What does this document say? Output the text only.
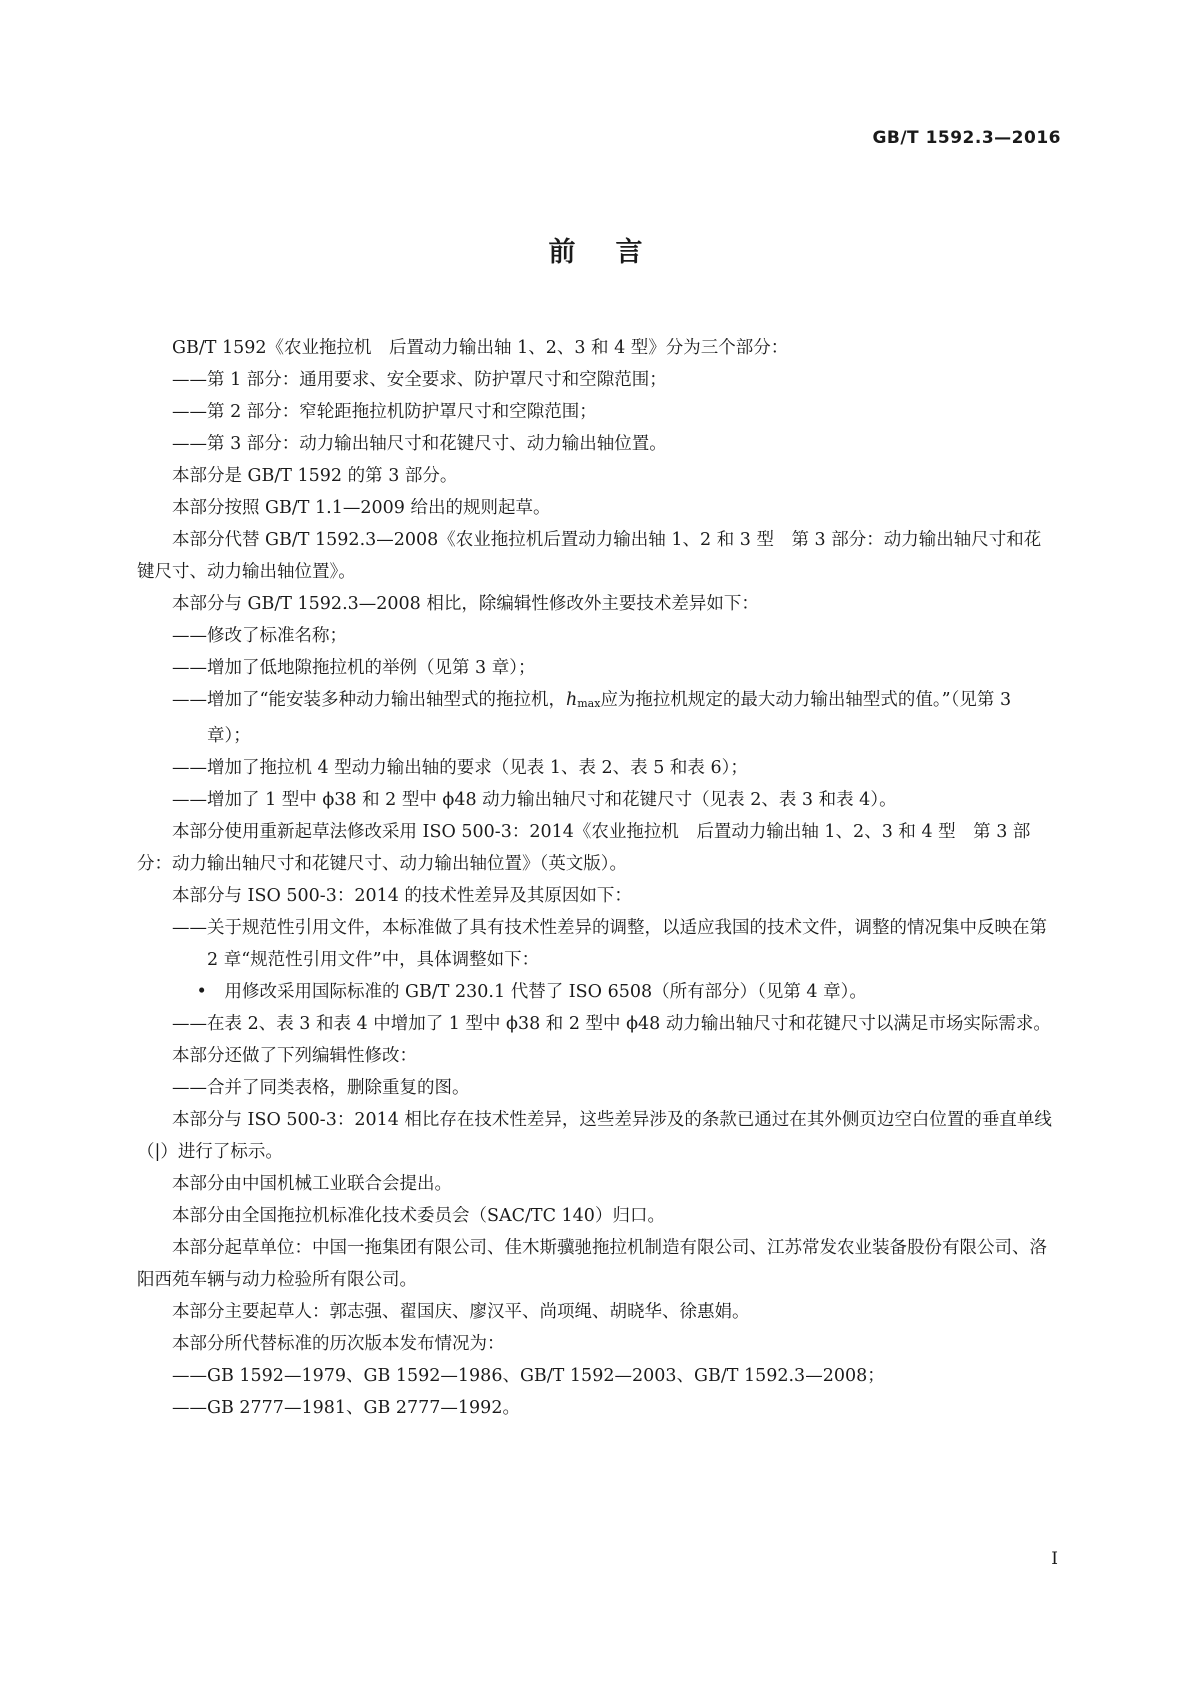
GB/T 1592.3—2016
前言

GB/T 1592《农业拖拉机　后置动力输出轴 1、2、3 和 4 型》分为三个部分：

——第 1 部分：通用要求、安全要求、防护罩尺寸和空隙范围；

——第 2 部分：窄轮距拖拉机防护罩尺寸和空隙范围；

——第 3 部分：动力输出轴尺寸和花键尺寸、动力输出轴位置。

本部分是 GB/T 1592 的第 3 部分。

本部分按照 GB/T 1.1—2009 给出的规则起草。

本部分代替 GB/T 1592.3—2008《农业拖拉机后置动力输出轴 1、2 和 3 型　第 3 部分：动力输出轴尺寸和花键尺寸、动力输出轴位置》。

本部分与 GB/T 1592.3—2008 相比，除编辑性修改外主要技术差异如下：

——修改了标准名称；

——增加了低地隙拖拉机的举例（见第 3 章）；

——增加了“能安装多种动力输出轴型式的拖拉机，hmax应为拖拉机规定的最大动力输出轴型式的值。”（见第 3 章）；

——增加了拖拉机 4 型动力输出轴的要求（见表 1、表 2、表 5 和表 6）；

——增加了 1 型中 ϕ38 和 2 型中 ϕ48 动力输出轴尺寸和花键尺寸（见表 2、表 3 和表 4）。

本部分使用重新起草法修改采用 ISO 500-3：2014《农业拖拉机　后置动力输出轴 1、2、3 和 4 型　第 3 部分：动力输出轴尺寸和花键尺寸、动力输出轴位置》（英文版）。

本部分与 ISO 500-3：2014 的技术性差异及其原因如下：

——关于规范性引用文件，本标准做了具有技术性差异的调整，以适应我国的技术文件，调整的情况集中反映在第 2 章“规范性引用文件”中，具体调整如下：

• 用修改采用国际标准的 GB/T 230.1 代替了 ISO 6508（所有部分）（见第 4 章）。

——在表 2、表 3 和表 4 中增加了 1 型中 ϕ38 和 2 型中 ϕ48 动力输出轴尺寸和花键尺寸以满足市场实际需求。

本部分还做了下列编辑性修改：

——合并了同类表格，删除重复的图。

本部分与 ISO 500-3：2014 相比存在技术性差异，这些差异涉及的条款已通过在其外侧页边空白位置的垂直单线（|）进行了标示。

本部分由中国机械工业联合会提出。

本部分由全国拖拉机标准化技术委员会（SAC/TC 140）归口。

本部分起草单位：中国一拖集团有限公司、佳木斯骥驰拖拉机制造有限公司、江苏常发农业装备股份有限公司、洛阳西苑车辆与动力检验所有限公司。

本部分主要起草人：郭志强、翟国庆、廖汉平、尚项绳、胡晓华、徐惠娟。

本部分所代替标准的历次版本发布情况为：

——GB 1592—1979、GB 1592—1986、GB/T 1592—2003、GB/T 1592.3—2008；

——GB 2777—1981、GB 2777—1992。

I
